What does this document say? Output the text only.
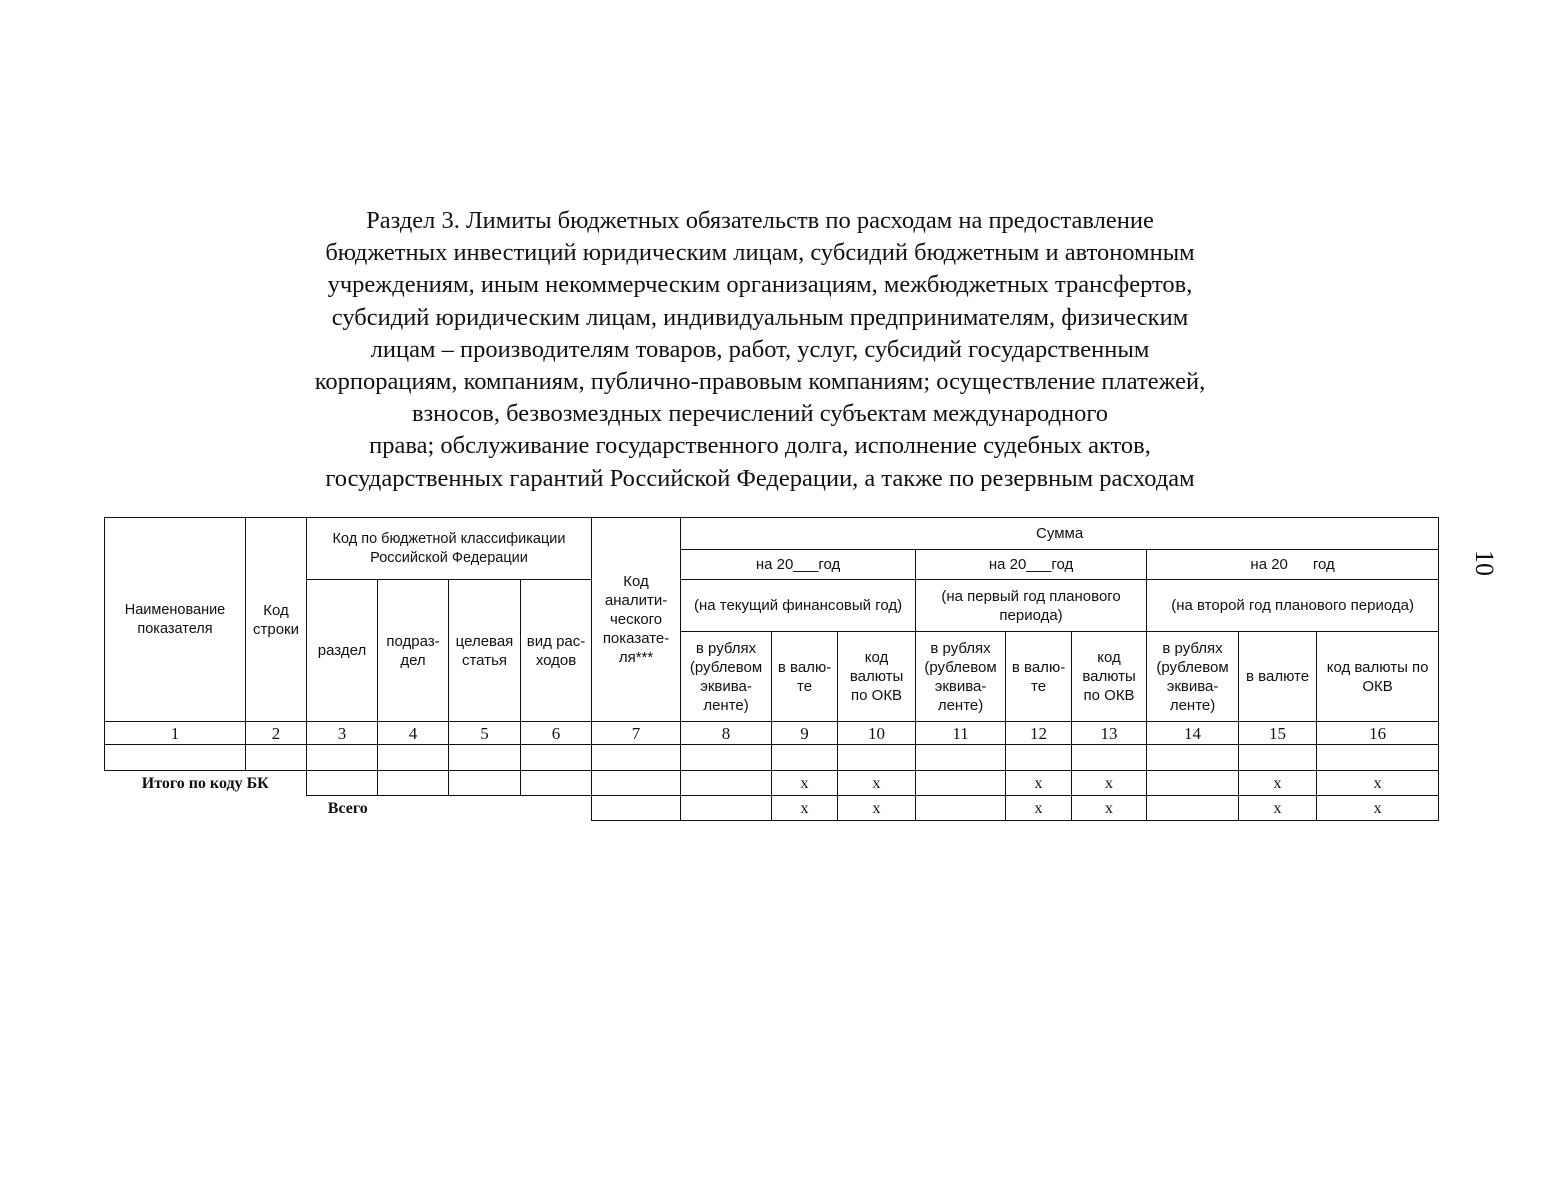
Раздел 3. Лимиты бюджетных обязательств по расходам на предоставление
бюджетных инвестиций юридическим лицам, субсидий бюджетным и автономным
учреждениям, иным некоммерческим организациям, межбюджетных трансфертов,
субсидий юридическим лицам, индивидуальным предпринимателям, физическим
лицам – производителям товаров, работ, услуг, субсидий государственным
корпорациям, компаниям, публично-правовым компаниям; осуществление платежей,
взносов, безвозмездных перечислений субъектам международного
права; обслуживание государственного долга, исполнение судебных актов,
государственных гарантий Российской Федерации, а также по резервным расходам
10
Наименование показателя	Код строки	Код по бюджетной классификации Российской Федерации				Код аналити-ческого показате-ля***	Сумма								
							на 20___год			на 20___год			на 20      год		
		раздел	подраз-дел	целевая статья	вид рас-ходов		(на текущий финансовый год)			(на первый год планового периода)			(на второй год планового периода)		
							в рублях (рублевом эквива-ленте)	в валю-те	код валюты по ОКВ	в рублях (рублевом эквива-ленте)	в валю-те	код валюты по ОКВ	в рублях (рублевом эквива-ленте)	в валюте	код валюты по ОКВ
1	2	3	4	5	6	7	8	9	10	11	12	13	14	15	16

Итого по коду БК								x	x		x	x		x	x
Всего								x	x		x	x		x	x
